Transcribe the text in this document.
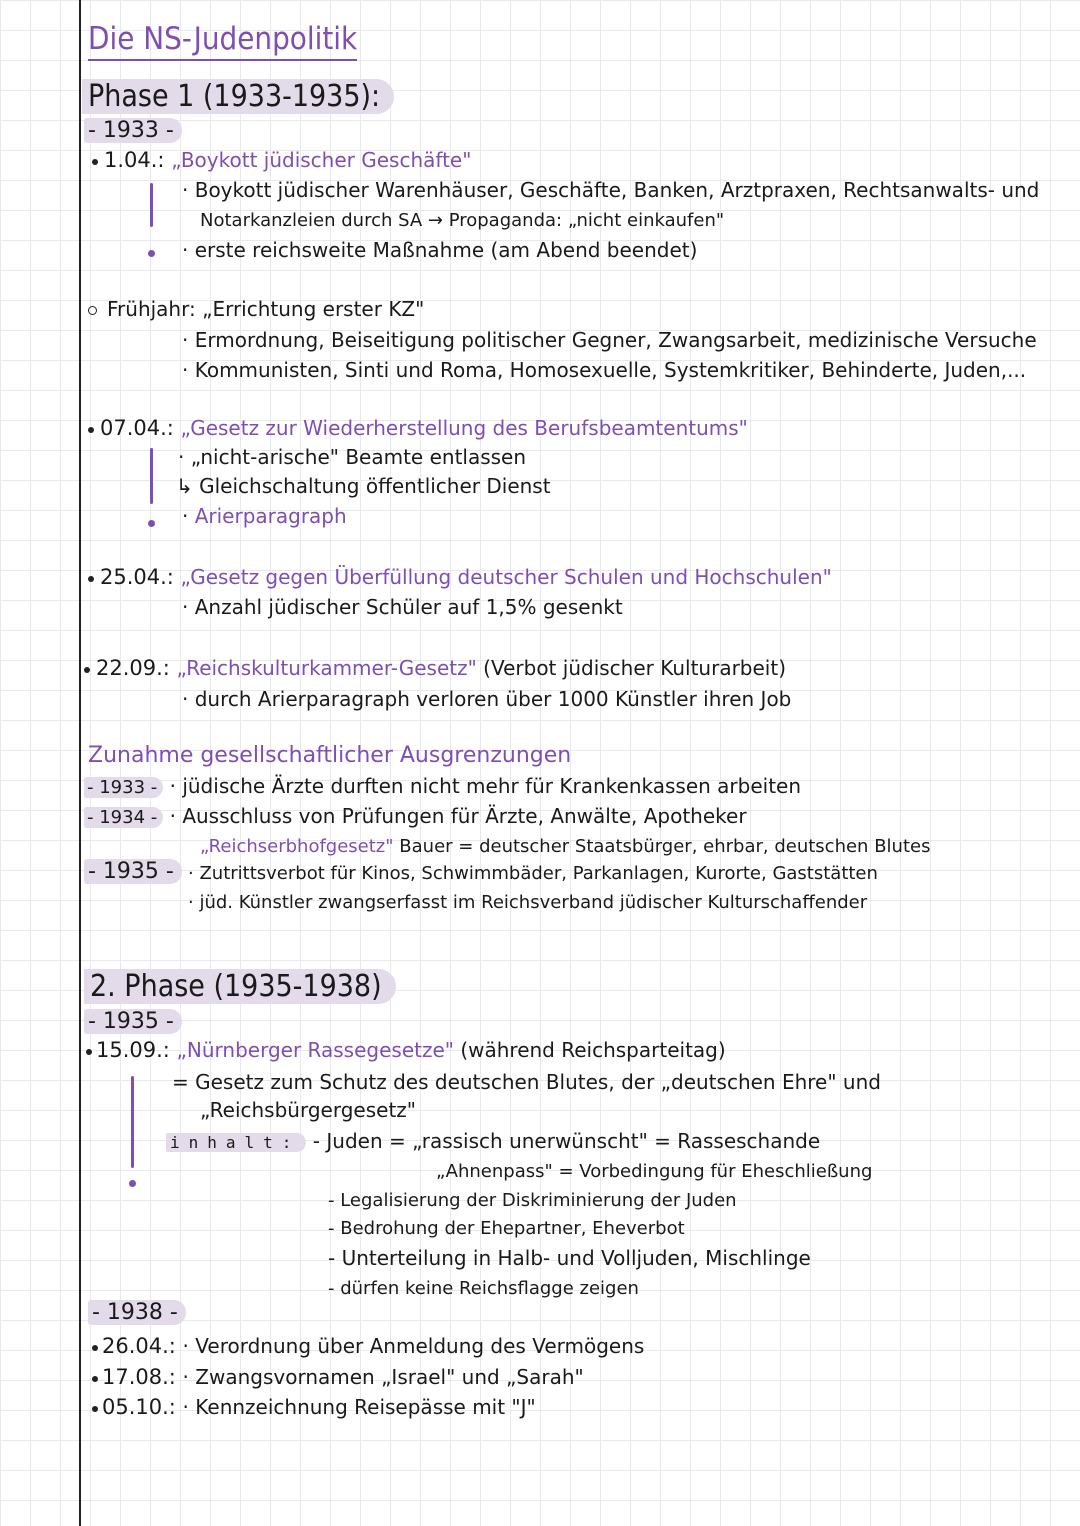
Die NS-Judenpolitik
Phase 1 (1933-1935):
- 1933 -
1.04.: „Boykott jüdischer Geschäfte"
· Boykott jüdischer Warenhäuser, Geschäfte, Banken, Arztpraxen, Rechtsanwalts- und
Notarkanzleien durch SA → Propaganda: „nicht einkaufen"
· erste reichsweite Maßnahme (am Abend beendet)
Frühjahr: „Errichtung erster KZ"
· Ermordnung, Beiseitigung politischer Gegner, Zwangsarbeit, medizinische Versuche
· Kommunisten, Sinti und Roma, Homosexuelle, Systemkritiker, Behinderte, Juden,...
07.04.: „Gesetz zur Wiederherstellung des Berufsbeamtentums"
· „nicht-arische" Beamte entlassen
↳ Gleichschaltung öffentlicher Dienst
· Arierparagraph
25.04.: „Gesetz gegen Überfüllung deutscher Schulen und Hochschulen"
· Anzahl jüdischer Schüler auf 1,5% gesenkt
22.09.: „Reichskulturkammer-Gesetz" (Verbot jüdischer Kulturarbeit)
· durch Arierparagraph verloren über 1000 Künstler ihren Job
Zunahme gesellschaftlicher Ausgrenzungen
- 1933 - · jüdische Ärzte durften nicht mehr für Krankenkassen arbeiten
- 1934 - · Ausschluss von Prüfungen für Ärzte, Anwälte, Apotheker
„Reichserbhofgesetz" Bauer = deutscher Staatsbürger, ehrbar, deutschen Blutes
- 1935 - · Zutrittsverbot für Kinos, Schwimmbäder, Parkanlagen, Kurorte, Gaststätten
· jüd. Künstler zwangserfasst im Reichsverband jüdischer Kulturschaffender
2. Phase (1935-1938)
- 1935 -
15.09.: „Nürnberger Rassegesetze" (während Reichsparteitag)
= Gesetz zum Schutz des deutschen Blutes, der „deutschen Ehre" und
„Reichsbürgergesetz"
inhalt: - Juden = „rassisch unerwünscht" = Rasseschande
„Ahnenpass" = Vorbedingung für Eheschließung
- Legalisierung der Diskriminierung der Juden
- Bedrohung der Ehepartner, Eheverbot
- Unterteilung in Halb- und Volljuden, Mischlinge
- dürfen keine Reichsflagge zeigen
- 1938 -
26.04.: · Verordnung über Anmeldung des Vermögens
17.08.: · Zwangsvornamen „Israel" und „Sarah"
05.10.: · Kennzeichnung Reisepässe mit "J"
